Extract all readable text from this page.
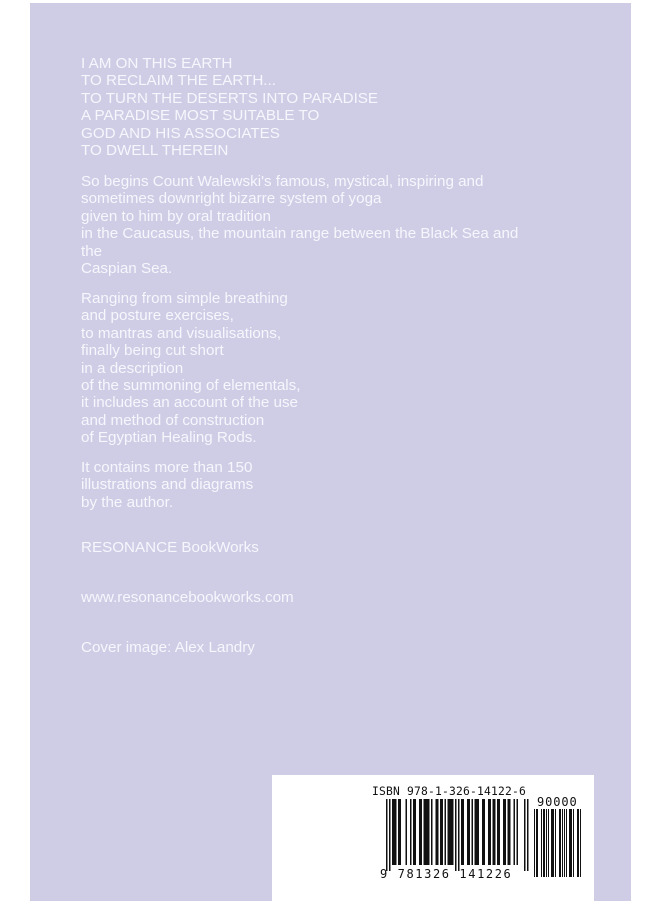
I AM ON THIS EARTH
TO RECLAIM THE EARTH...
TO TURN THE DESERTS INTO PARADISE
A PARADISE MOST SUITABLE TO
GOD AND HIS ASSOCIATES
TO DWELL THEREIN

So begins Count Walewski's famous, mystical, inspiring and
sometimes downright bizarre system of yoga
given to him by oral tradition
in the Caucasus, the mountain range between the Black Sea and
the
Caspian Sea.

Ranging from simple breathing
and posture exercises,
to mantras and visualisations,
finally being cut short
in a description
of the summoning of elementals,
it includes an account of the use
and method of construction
of Egyptian Healing Rods.

It contains more than 150
illustrations and diagrams
by the author.

RESONANCE BookWorks

www.resonancebookworks.com

Cover image: Alex Landry

ISBN 978-1-326-14122-6
9 781326 141226
90000
